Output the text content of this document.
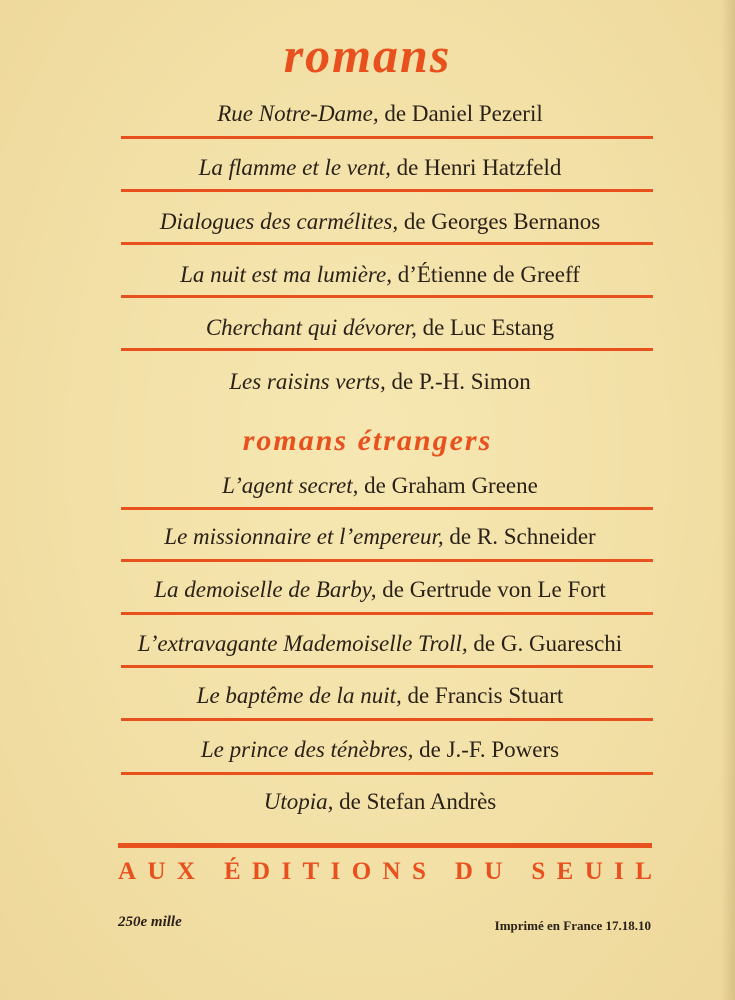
romans
Rue Notre-Dame, de Daniel Pezeril
La flamme et le vent, de Henri Hatzfeld
Dialogues des carmélites, de Georges Bernanos
La nuit est ma lumière, d’Étienne de Greeff
Cherchant qui dévorer, de Luc Estang
Les raisins verts, de P.-H. Simon
romans étrangers
L’agent secret, de Graham Greene
Le missionnaire et l’empereur, de R. Schneider
La demoiselle de Barby, de Gertrude von Le Fort
L’extravagante Mademoiselle Troll, de G. Guareschi
Le baptême de la nuit, de Francis Stuart
Le prince des ténèbres, de J.-F. Powers
Utopia, de Stefan Andrès
A U X
É D I T I O N S
D U
S E U I L
250e mille	Imprimé en France 17.18.10
